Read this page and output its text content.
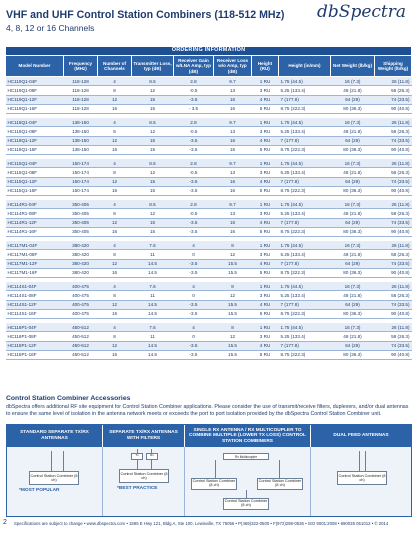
dbSpectra
VHF and UHF Control Station Combiners (118-512 MHz)
4, 8, 12 or 16 Channels
ORDERING INFORMATION									
Model Number	Frequency (MHz)	Number of Channels	Transmitter Loss, typ (dB)	Receiver Gain w/LNA Amp, typ (dB)	Receiver Loss w/o Amp, typ (dB)	Height (RU)	Height (in/mm)	Net Weight (lb/kg)	Shipping Weight (lb/kg)
HC119Q1-04F	118-128	4	8.5	2.8	9.7	1 RU	1.75 (44.5)	16 (7.3)	26 (11.8)
HC119Q1-08F	118-128	8	12	-0.5	13	3 RU	5.25 (133.4)	48 (21.8)	58 (26.3)
HC119Q1-12F	118-128	12	15	-3.5	16	4 RU	7 (177.8)	64 (29)	74 (33.5)
HC119Q1-16F	118-128	16	15	- 3.5	16	5 RU	8.75 (222.3)	80 (36.3)	90 (40.8)

HC118Q1-04F	138-150	4	8.5	2.8	9.7	1 RU	1.75 (44.5)	16 (7.3)	26 (11.8)
HC118Q1-08F	138-150	8	12	-0.5	13	3 RU	5.25 (133.4)	48 (21.8)	58 (26.3)
HC118Q1-12F	138-150	12	15	-3.5	16	4 RU	7 (177.8)	64 (29)	74 (33.5)
HC118Q1-16F	138-150	16	15	-3.5	16	5 RU	8.75 (222.3)	80 (36.3)	90 (40.8)

HC115Q1-04F	150-174	4	8.5	2.8	9.7	1 RU	1.75 (44.5)	16 (7.3)	26 (11.8)
HC115Q1-08F	150-174	8	12	-0.5	13	3 RU	5.25 (133.4)	48 (21.8)	58 (26.3)
HC115Q1-12F	150-174	12	15	-3.5	16	4 RU	7 (177.8)	64 (29)	74 (33.5)
HC115Q1-16F	150-174	16	15	-3.5	16	5 RU	8.75 (222.3)	80 (36.3)	90 (40.8)

HC114R1-04F	350-405	4	8.5	2.8	9.7	1 RU	1.75 (44.5)	16 (7.3)	26 (11.8)
HC114R1-08F	350-405	8	12	-0.5	13	3 RU	5.25 (133.4)	48 (21.8)	58 (26.3)
HC114R1-12F	350-405	12	15	-3.5	16	4 RU	7 (177.8)	64 (29)	74 (33.5)
HC114R1-16F	350-405	16	15	-3.5	16	5 RU	8.75 (222.3)	80 (36.3)	90 (40.8)

HC117M1-04F	380-420	4	7.6	4	8	1 RU	1.75 (44.5)	16 (7.3)	26 (11.8)
HC117M1-08F	380-420	8	11	0	12	3 RU	5.25 (133.4)	48 (21.8)	58 (26.3)
HC117M1-12F	380-420	12	14.5	-3.5	15.5	4 RU	7 (177.8)	64 (29)	74 (33.5)
HC117M1-16F	380-420	16	14.5	-3.5	15.5	5 RU	8.75 (222.3)	80 (36.3)	90 (40.8)

HC114S1-04F	400-475	4	7.6	4	8	1 RU	1.75 (44.5)	16 (7.3)	26 (11.8)
HC114S1-08F	400-475	8	11	0	12	3 RU	5.25 (133.4)	48 (21.8)	58 (26.3)
HC114S1-12F	400-475	12	14.5	-3.5	15.5	4 RU	7 (177.8)	64 (29)	74 (33.5)
HC114S1-16F	400-475	16	14.5	-3.5	15.5	5 RU	8.75 (222.3)	80 (36.3)	90 (40.8)

HC116P1-04F	450-512	4	7.6	4	8	1 RU	1.75 (44.5)	16 (7.3)	26 (11.8)
HC116P1-08F	450-512	8	11	0	12	3 RU	5.25 (133.4)	48 (21.8)	58 (26.3)
HC116P1-12F	450-512	12	14.5	-3.5	15.5	4 RU	7 (177.8)	64 (29)	74 (33.5)
HC116P1-16F	450-512	16	14.5	-3.5	15.5	5 RU	8.75 (222.3)	80 (36.3)	90 (40.8)
Control Station Combiner Accessories
dbSpectra offers additional RF site equipment for Control Station Combiner applications. Please consider the use of transmit/receive filters, duplexers, and/or dual antennas to ensure the same level of isolation in the antenna network meets or exceeds the port to port isolation provided by the dbSpectra Control Station Combiner unit.
STANDARD SEPARATE TX/RX ANTENNAS
SEPARATE TX/RX ANTENNAS WITH FILTERS
SINGLE RX ANTENNA / RX MULTICOUPLER TO COMBINE MULTIPLE (LOWER TX LOSS) CONTROL STATION COMBINERS
DUAL FEED ANTENNAS
Control Station Combiner (8 ch)
*MOST POPULAR
Tx	Rx
Control Station Combiner (8 ch)
*BEST PRACTICE
Rx Multicoupler
Control Station Combiner (8 ch)
Control Station Combiner (8 ch)
Control Station Combiner (8 ch)
Control Station Combiner (8 ch)
2 Specifications are subject to change • www.dbspectra.com • 1595 E Hwy 121, Bldg A, Ste 100, Lewisville, TX 75056 • P(469)322-0500 • F(972)298-0536 • ISO 9001:2008 • 990035 051012 • © 2014
